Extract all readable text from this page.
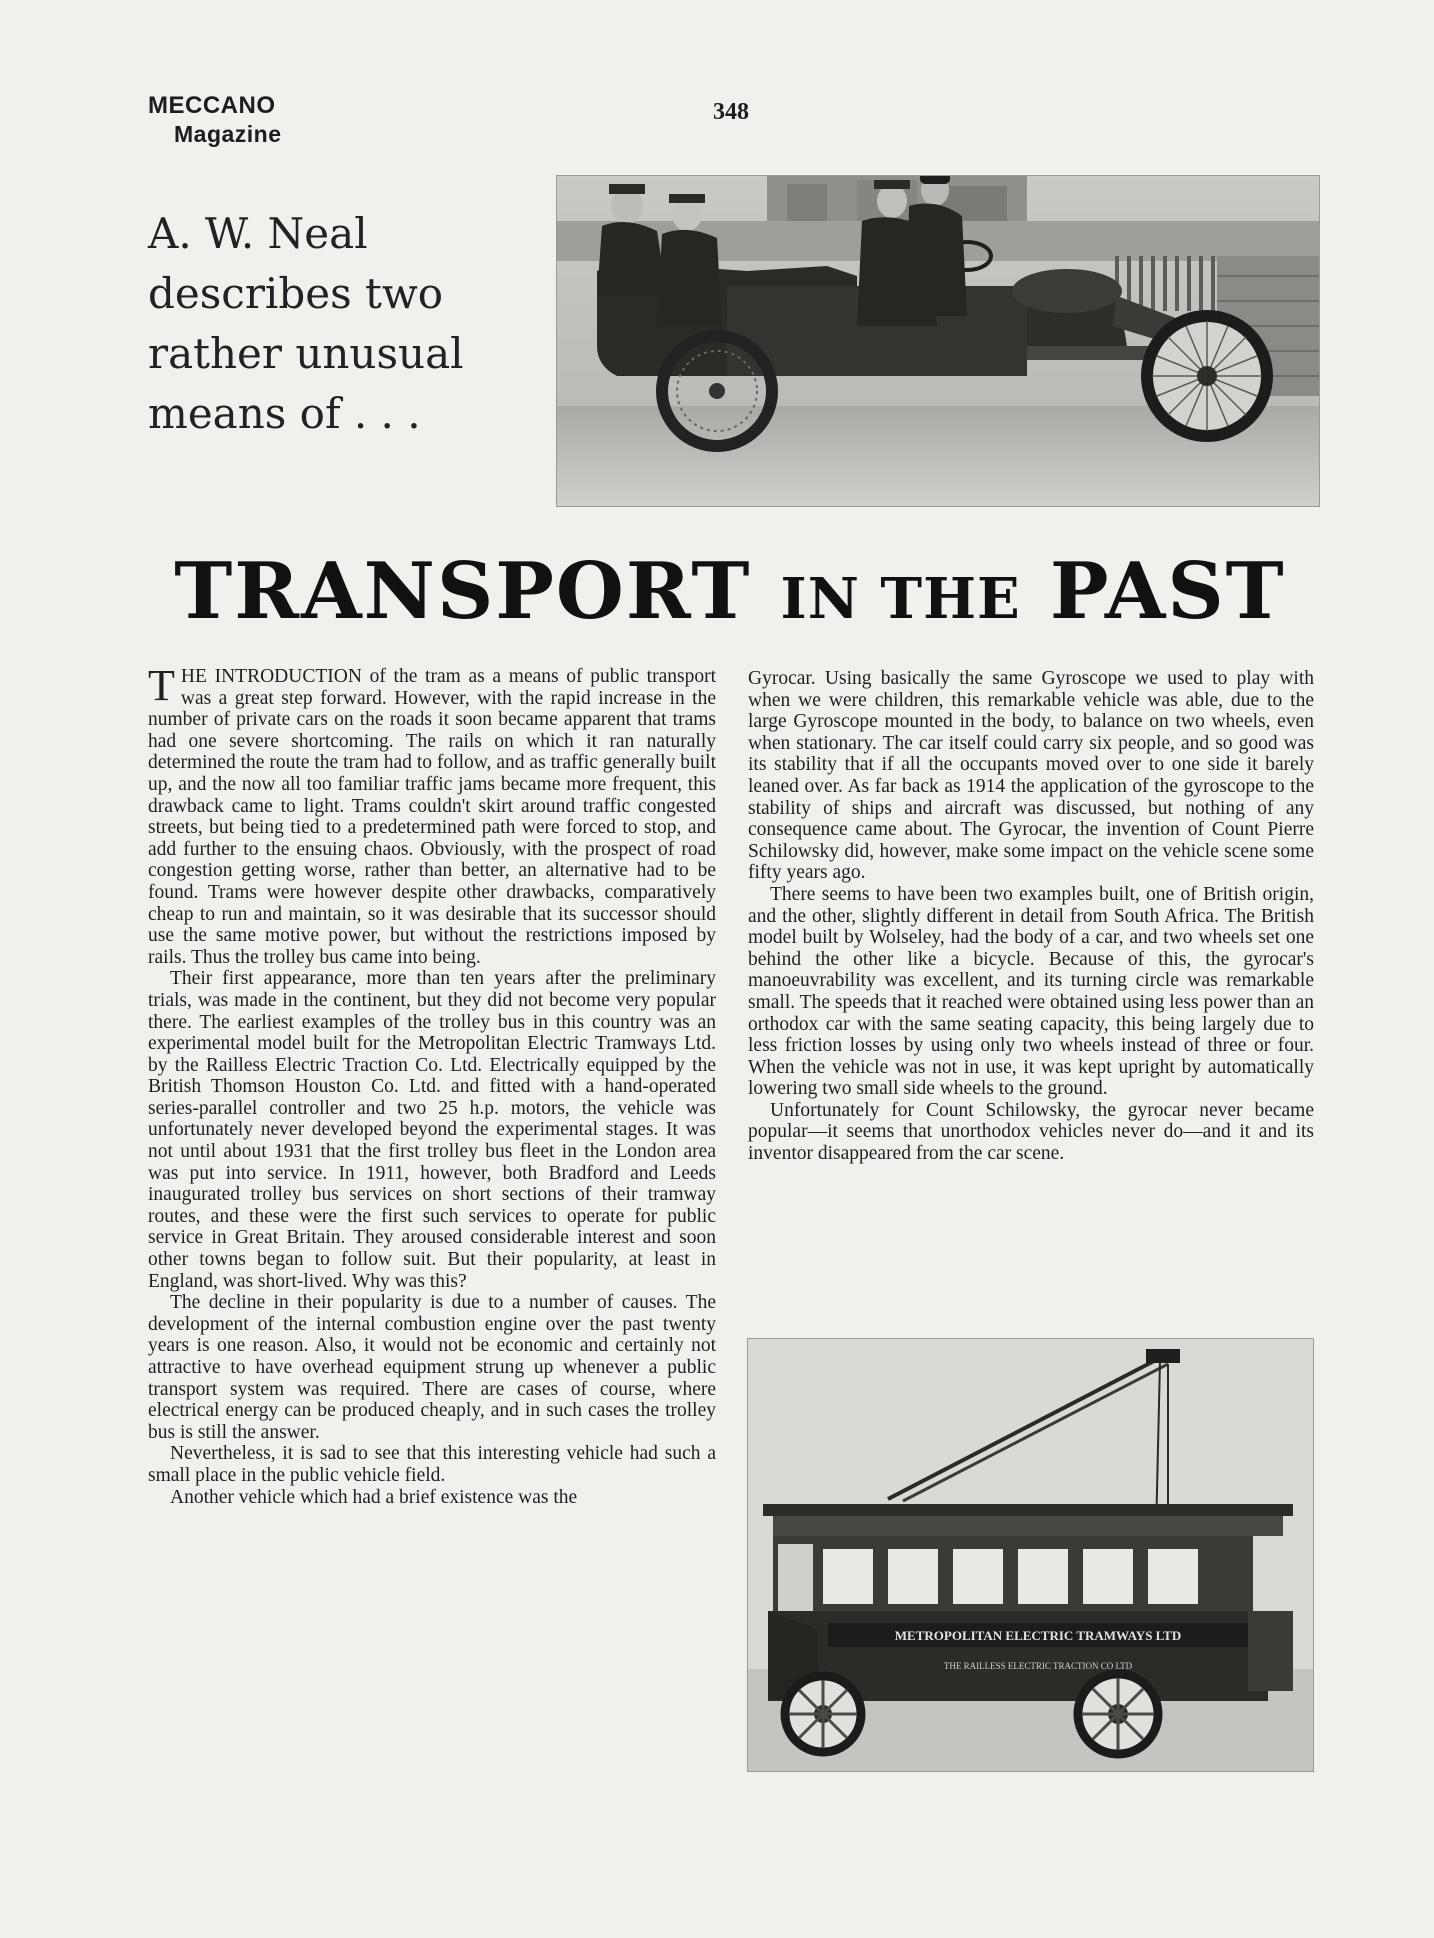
MECCANO
Magazine
348
A. W. Neal
describes two
rather unusual
means of . . .
TRANSPORT IN THE PAST

THE INTRODUCTION of the tram as a means of public transport was a great step forward. However, with the rapid increase in the number of private cars on the roads it soon became apparent that trams had one severe shortcoming. The rails on which it ran naturally determined the route the tram had to follow, and as traffic generally built up, and the now all too familiar traffic jams became more frequent, this drawback came to light. Trams couldn't skirt around traffic congested streets, but being tied to a predetermined path were forced to stop, and add further to the ensuing chaos. Obviously, with the prospect of road congestion getting worse, rather than better, an alternative had to be found. Trams were however despite other drawbacks, comparatively cheap to run and maintain, so it was desirable that its successor should use the same motive power, but without the restrictions imposed by rails. Thus the trolley bus came into being.

Their first appearance, more than ten years after the preliminary trials, was made in the continent, but they did not become very popular there. The earliest examples of the trolley bus in this country was an experimental model built for the Metropolitan Electric Tramways Ltd. by the Railless Electric Traction Co. Ltd. Electrically equipped by the British Thomson Houston Co. Ltd. and fitted with a hand-operated series-parallel controller and two 25 h.p. motors, the vehicle was unfortunately never developed beyond the experimental stages. It was not until about 1931 that the first trolley bus fleet in the London area was put into service. In 1911, however, both Bradford and Leeds inaugurated trolley bus services on short sections of their tramway routes, and these were the first such services to operate for public service in Great Britain. They aroused considerable interest and soon other towns began to follow suit. But their popularity, at least in England, was short-lived. Why was this?

The decline in their popularity is due to a number of causes. The development of the internal combustion engine over the past twenty years is one reason. Also, it would not be economic and certainly not attractive to have overhead equipment strung up whenever a public transport system was required. There are cases of course, where electrical energy can be produced cheaply, and in such cases the trolley bus is still the answer.

Nevertheless, it is sad to see that this interesting vehicle had such a small place in the public vehicle field.

Another vehicle which had a brief existence was the

Gyrocar. Using basically the same Gyroscope we used to play with when we were children, this remarkable vehicle was able, due to the large Gyroscope mounted in the body, to balance on two wheels, even when stationary. The car itself could carry six people, and so good was its stability that if all the occupants moved over to one side it barely leaned over. As far back as 1914 the application of the gyroscope to the stability of ships and aircraft was discussed, but nothing of any consequence came about. The Gyrocar, the invention of Count Pierre Schilowsky did, however, make some impact on the vehicle scene some fifty years ago.

There seems to have been two examples built, one of British origin, and the other, slightly different in detail from South Africa. The British model built by Wolseley, had the body of a car, and two wheels set one behind the other like a bicycle. Because of this, the gyrocar's manoeuvrability was excellent, and its turning circle was remarkable small. The speeds that it reached were obtained using less power than an orthodox car with the same seating capacity, this being largely due to less friction losses by using only two wheels instead of three or four. When the vehicle was not in use, it was kept upright by automatically lowering two small side wheels to the ground.

Unfortunately for Count Schilowsky, the gyrocar never became popular—it seems that unorthodox vehicles never do—and it and its inventor disappeared from the car scene.

METROPOLITAN ELECTRIC TRAMWAYS LTD
THE RAILLESS ELECTRIC TRACTION CO LTD
